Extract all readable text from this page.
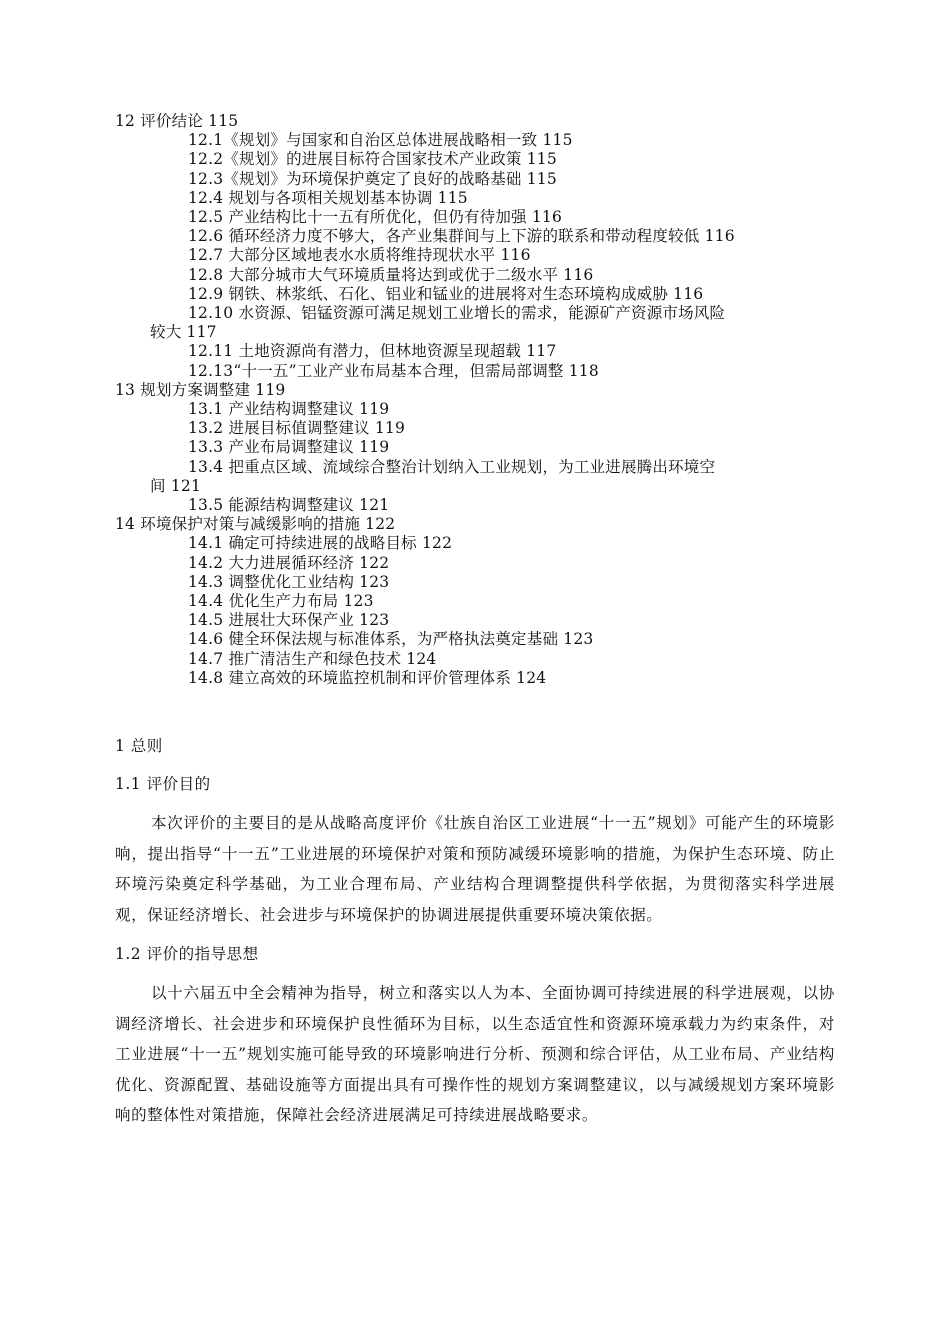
12 评价结论 115
12.1《规划》与国家和自治区总体进展战略相一致 115
12.2《规划》的进展目标符合国家技术产业政策 115
12.3《规划》为环境保护奠定了良好的战略基础 115
12.4 规划与各项相关规划基本协调 115
12.5 产业结构比十一五有所优化，但仍有待加强 116
12.6 循环经济力度不够大，各产业集群间与上下游的联系和带动程度较低 116
12.7 大部分区域地表水水质将维持现状水平 116
12.8 大部分城市大气环境质量将达到或优于二级水平 116
12.9 钢铁、林浆纸、石化、铝业和锰业的进展将对生态环境构成威胁 116
12.10 水资源、铝锰资源可满足规划工业增长的需求，能源矿产资源市场风险
较大 117
12.11 土地资源尚有潜力，但林地资源呈现超载 117
12.13“十一五”工业产业布局基本合理，但需局部调整 118
13 规划方案调整建 119
13.1 产业结构调整建议 119
13.2 进展目标值调整建议 119
13.3 产业布局调整建议 119
13.4 把重点区域、流域综合整治计划纳入工业规划，为工业进展腾出环境空
间 121
13.5 能源结构调整建议 121
14 环境保护对策与减缓影响的措施 122
14.1 确定可持续进展的战略目标 122
14.2 大力进展循环经济 122
14.3 调整优化工业结构 123
14.4 优化生产力布局 123
14.5 进展壮大环保产业 123
14.6 健全环保法规与标准体系，为严格执法奠定基础 123
14.7 推广清洁生产和绿色技术 124
14.8 建立高效的环境监控机制和评价管理体系 124
1 总则
1.1 评价目的

本次评价的主要目的是从战略高度评价《壮族自治区工业进展“十一五”规划》可能产生的环境影响，提出指导“十一五”工业进展的环境保护对策和预防减缓环境影响的措施，为保护生态环境、防止环境污染奠定科学基础，为工业合理布局、产业结构合理调整提供科学依据，为贯彻落实科学进展观，保证经济增长、社会进步与环境保护的协调进展提供重要环境决策依据。

1.2 评价的指导思想

以十六届五中全会精神为指导，树立和落实以人为本、全面协调可持续进展的科学进展观，以协调经济增长、社会进步和环境保护良性循环为目标，以生态适宜性和资源环境承载力为约束条件，对工业进展“十一五”规划实施可能导致的环境影响进行分析、预测和综合评估，从工业布局、产业结构优化、资源配置、基础设施等方面提出具有可操作性的规划方案调整建议，以与减缓规划方案环境影响的整体性对策措施，保障社会经济进展满足可持续进展战略要求。
